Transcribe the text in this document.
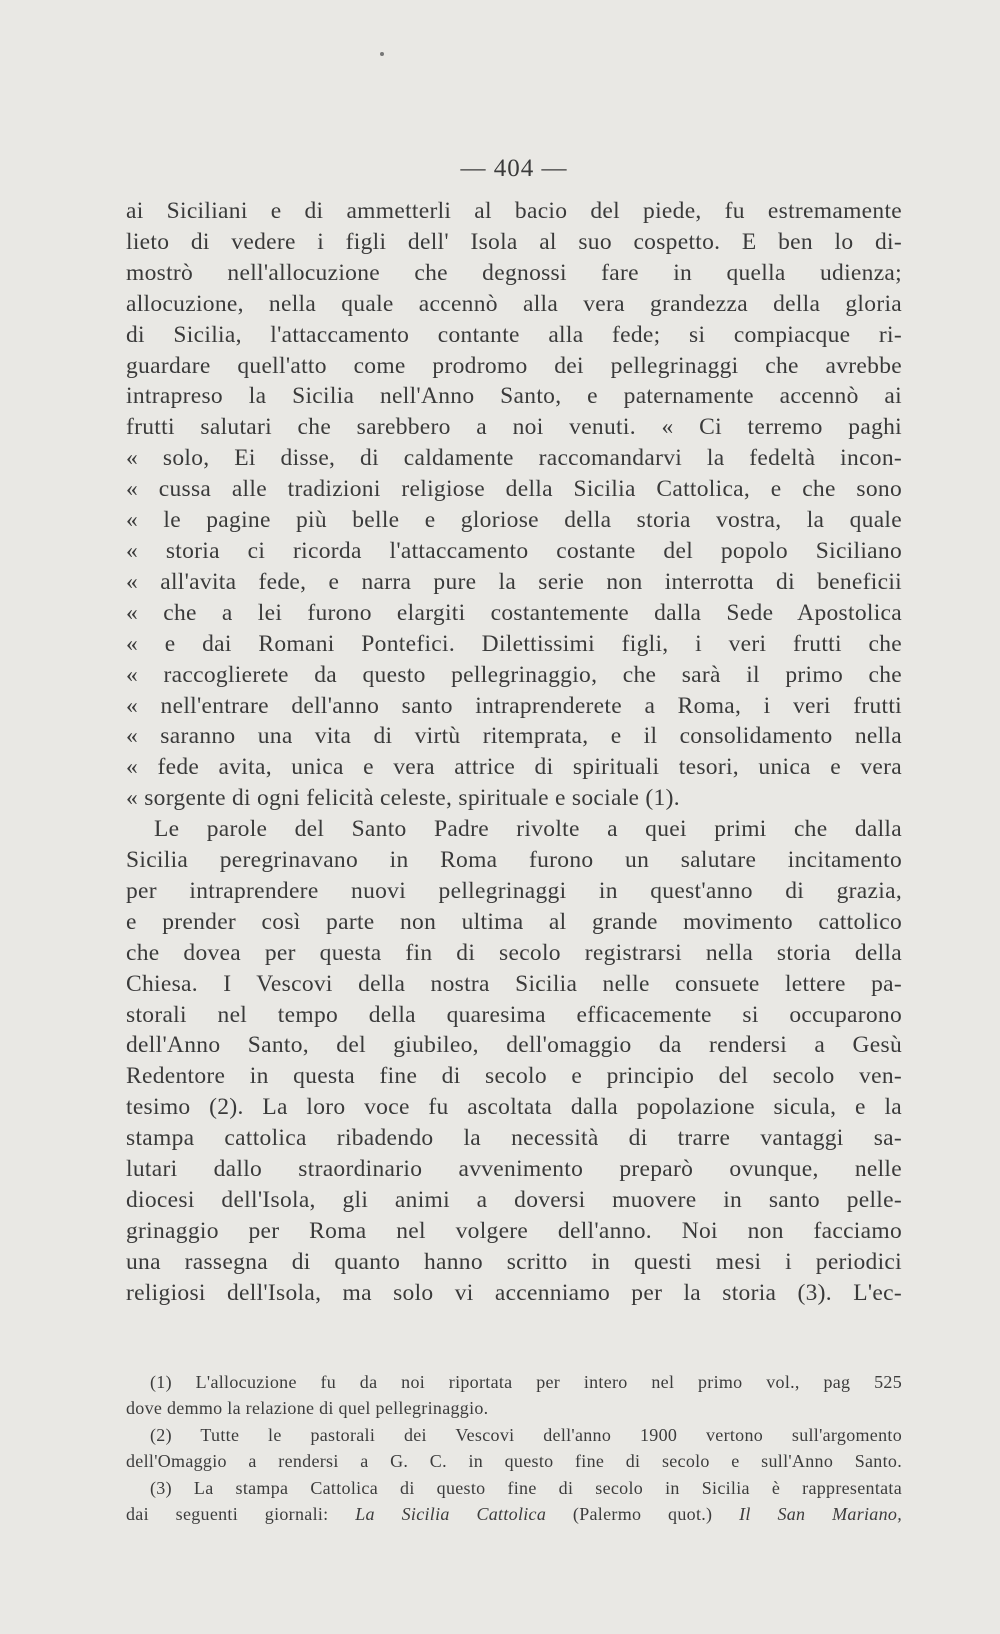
— 404 —
ai Siciliani e di ammetterli al bacio del piede, fu estremamente
lieto di vedere i figli dell' Isola al suo cospetto. E ben lo di-
mostrò nell'allocuzione che degnossi fare in quella udienza;
allocuzione, nella quale accennò alla vera grandezza della gloria
di Sicilia, l'attaccamento contante alla fede; si compiacque ri-
guardare quell'atto come prodromo dei pellegrinaggi che avrebbe
intrapreso la Sicilia nell'Anno Santo, e paternamente accennò ai
frutti salutari che sarebbero a noi venuti. « Ci terremo paghi
« solo, Ei disse, di caldamente raccomandarvi la fedeltà incon-
« cussa alle tradizioni religiose della Sicilia Cattolica, e che sono
« le pagine più belle e gloriose della storia vostra, la quale
« storia ci ricorda l'attaccamento costante del popolo Siciliano
« all'avita fede, e narra pure la serie non interrotta di beneficii
« che a lei furono elargiti costantemente dalla Sede Apostolica
« e dai Romani Pontefici. Dilettissimi figli, i veri frutti che
« raccoglierete da questo pellegrinaggio, che sarà il primo che
« nell'entrare dell'anno santo intraprenderete a Roma, i veri frutti
« saranno una vita di virtù ritemprata, e il consolidamento nella
« fede avita, unica e vera attrice di spirituali tesori, unica e vera
« sorgente di ogni felicità celeste, spirituale e sociale (1).
Le parole del Santo Padre rivolte a quei primi che dalla
Sicilia peregrinavano in Roma furono un salutare incitamento
per intraprendere nuovi pellegrinaggi in quest'anno di grazia,
e prender così parte non ultima al grande movimento cattolico
che dovea per questa fin di secolo registrarsi nella storia della
Chiesa. I Vescovi della nostra Sicilia nelle consuete lettere pa-
storali nel tempo della quaresima efficacemente si occuparono
dell'Anno Santo, del giubileo, dell'omaggio da rendersi a Gesù
Redentore in questa fine di secolo e principio del secolo ven-
tesimo (2). La loro voce fu ascoltata dalla popolazione sicula, e la
stampa cattolica ribadendo la necessità di trarre vantaggi sa-
lutari dallo straordinario avvenimento preparò ovunque, nelle
diocesi dell'Isola, gli animi a doversi muovere in santo pelle-
grinaggio per Roma nel volgere dell'anno. Noi non facciamo
una rassegna di quanto hanno scritto in questi mesi i periodici
religiosi dell'Isola, ma solo vi accenniamo per la storia (3). L'ec-
(1) L'allocuzione fu da noi riportata per intero nel primo vol., pag 525
dove demmo la relazione di quel pellegrinaggio.
(2) Tutte le pastorali dei Vescovi dell'anno 1900 vertono sull'argomento
dell'Omaggio a rendersi a G. C. in questo fine di secolo e sull'Anno Santo.
(3) La stampa Cattolica di questo fine di secolo in Sicilia è rappresentata
dai seguenti giornali: La Sicilia Cattolica (Palermo quot.) Il San Mariano,
